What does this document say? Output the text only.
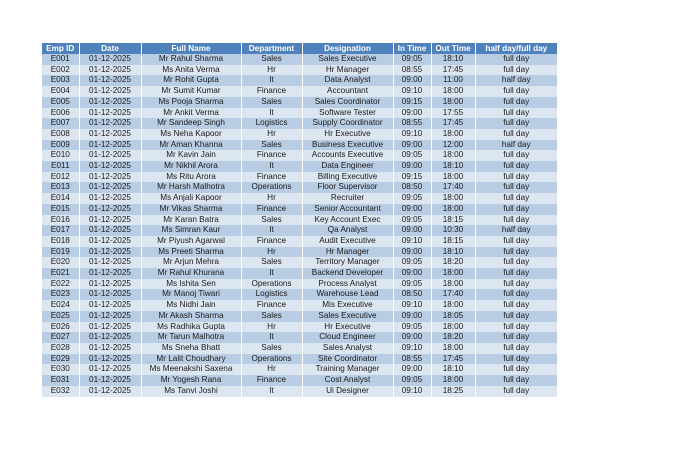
Emp ID	Date	Full Name	Department	Designation	In Time	Out Time	half day/full day
E001	01-12-2025	Mr Rahul Sharma	Sales	Sales Executive	09:05	18:10	full day
E002	01-12-2025	Ms Anita Verma	Hr	Hr Manager	08:55	17:45	full day
E003	01-12-2025	Mr Rohit Gupta	It	Data Analyst	09:00	11:00	half day
E004	01-12-2025	Mr Sumit Kumar	Finance	Accountant	09:10	18:00	full day
E005	01-12-2025	Ms Pooja Sharma	Sales	Sales Coordinator	09:15	18:00	full day
E006	01-12-2025	Mr Ankit Verma	It	Software Tester	09:00	17:55	full day
E007	01-12-2025	Mr Sandeep Singh	Logistics	Supply Coordinator	08:55	17:45	full day
E008	01-12-2025	Ms Neha Kapoor	Hr	Hr Executive	09:10	18:00	full day
E009	01-12-2025	Mr Aman Khanna	Sales	Business Executive	09:00	12:00	half day
E010	01-12-2025	Mr Kavin Jain	Finance	Accounts Executive	09:05	18:00	full day
E011	01-12-2025	Mr Nikhil Arora	It	Data Engineer	09:00	18:10	full day
E012	01-12-2025	Ms Ritu Arora	Finance	Billing Executive	09:15	18:00	full day
E013	01-12-2025	Mr Harsh Malhotra	Operations	Floor Supervisor	08:50	17:40	full day
E014	01-12-2025	Ms Anjali Kapoor	Hr	Recruiter	09:05	18:00	full day
E015	01-12-2025	Mr Vikas Sharma	Finance	Senior Accountant	09:00	18:00	full day
E016	01-12-2025	Mr Karan Batra	Sales	Key Account Exec	09:05	18:15	full day
E017	01-12-2025	Ms Simran Kaur	It	Qa Analyst	09:00	10:30	half day
E018	01-12-2025	Mr Piyush Agarwal	Finance	Audit Executive	09:10	18:15	full day
E019	01-12-2025	Ms Preeti Sharma	Hr	Hr Manager	09:00	18:10	full day
E020	01-12-2025	Mr Arjun Mehra	Sales	Territory Manager	09:05	18:20	full day
E021	01-12-2025	Mr Rahul Khurana	It	Backend Developer	09:00	18:00	full day
E022	01-12-2025	Ms Ishita Sen	Operations	Process Analyst	09:05	18:00	full day
E023	01-12-2025	Mr Manoj Tiwari	Logistics	Warehouse Lead	08:50	17:40	full day
E024	01-12-2025	Ms Nidhi Jain	Finance	Mis Executive	09:10	18:00	full day
E025	01-12-2025	Mr Akash Sharma	Sales	Sales Executive	09:00	18:05	full day
E026	01-12-2025	Ms Radhika Gupta	Hr	Hr Executive	09:05	18:00	full day
E027	01-12-2025	Mr Tarun Malhotra	It	Cloud Engineer	09:00	18:20	full day
E028	01-12-2025	Ms Sneha Bhatt	Sales	Sales Analyst	09:10	18:00	full day
E029	01-12-2025	Mr Lalit Choudhary	Operations	Site Coordinator	08:55	17:45	full day
E030	01-12-2025	Ms Meenakshi Saxena	Hr	Training Manager	09:00	18:10	full day
E031	01-12-2025	Mr Yogesh Rana	Finance	Cost Analyst	09:05	18:00	full day
E032	01-12-2025	Ms Tanvi Joshi	It	Ui Designer	09:10	18:25	full day
